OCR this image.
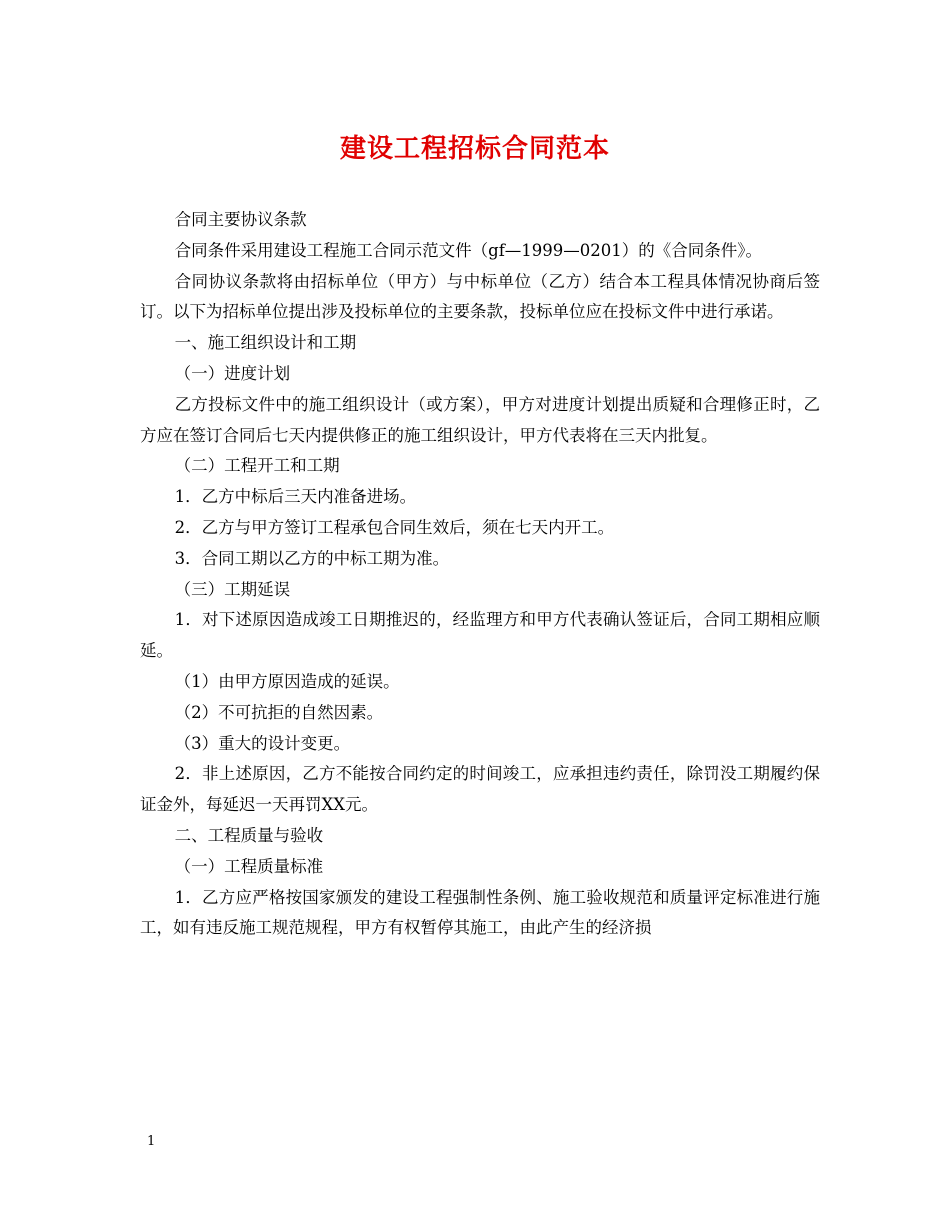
建设工程招标合同范本

合同主要协议条款

合同条件采用建设工程施工合同示范文件（gf—1999—0201）的《合同条件》。

合同协议条款将由招标单位（甲方）与中标单位（乙方）结合本工程具体情况协商后签订。以下为招标单位提出涉及投标单位的主要条款，投标单位应在投标文件中进行承诺。

一、施工组织设计和工期

（一）进度计划

乙方投标文件中的施工组织设计（或方案），甲方对进度计划提出质疑和合理修正时，乙方应在签订合同后七天内提供修正的施工组织设计，甲方代表将在三天内批复。

（二）工程开工和工期

1．乙方中标后三天内准备进场。

2．乙方与甲方签订工程承包合同生效后，须在七天内开工。

3．合同工期以乙方的中标工期为准。

（三）工期延误

1．对下述原因造成竣工日期推迟的，经监理方和甲方代表确认签证后，合同工期相应顺延。

（1）由甲方原因造成的延误。

（2）不可抗拒的自然因素。

（3）重大的设计变更。

2．非上述原因，乙方不能按合同约定的时间竣工，应承担违约责任，除罚没工期履约保证金外，每延迟一天再罚XX元。

二、工程质量与验收

（一）工程质量标准

1．乙方应严格按国家颁发的建设工程强制性条例、施工验收规范和质量评定标准进行施工，如有违反施工规范规程，甲方有权暂停其施工，由此产生的经济损

1
